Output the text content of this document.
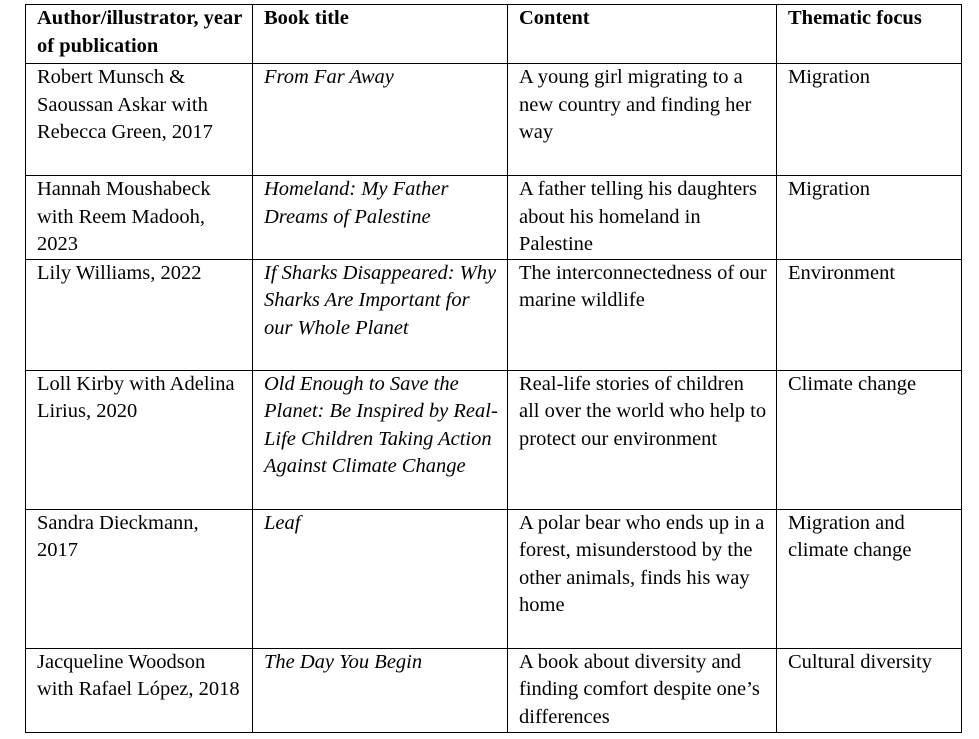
Author/illustrator, year of publication	Book title	Content	Thematic focus
Robert Munsch & Saoussan Askar with Rebecca Green, 2017	From Far Away	A young girl migrating to a new country and finding her way	Migration
Hannah Moushabeck with Reem Madooh, 2023	Homeland: My Father Dreams of Palestine	A father telling his daughters about his homeland in Palestine	Migration
Lily Williams, 2022	If Sharks Disappeared: Why Sharks Are Important for our Whole Planet	The interconnectedness of our marine wildlife	Environment
Loll Kirby with Adelina Lirius, 2020	Old Enough to Save the Planet: Be Inspired by Real-Life Children Taking Action Against Climate Change	Real-life stories of children all over the world who help to protect our environment	Climate change
Sandra Dieckmann, 2017	Leaf	A polar bear who ends up in a forest, misunderstood by the other animals, finds his way home	Migration and climate change
Jacqueline Woodson with Rafael López, 2018	The Day You Begin	A book about diversity and finding comfort despite one’s differences	Cultural diversity
